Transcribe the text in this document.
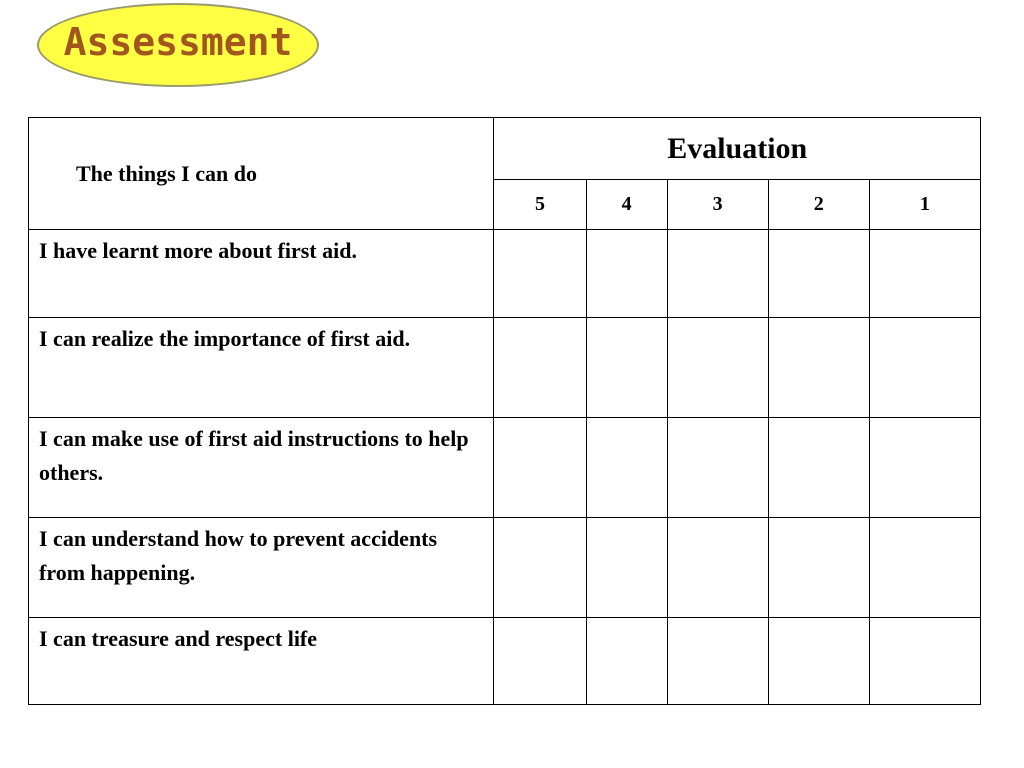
Assessment
The things I can do	Evaluation				
	5	4	3	2	1
I have learnt more about first aid.					
I can realize the importance of first aid.					
I can make use of first aid instructions to help others.					
I can understand how to prevent accidents from happening.					
I can treasure and respect life					
